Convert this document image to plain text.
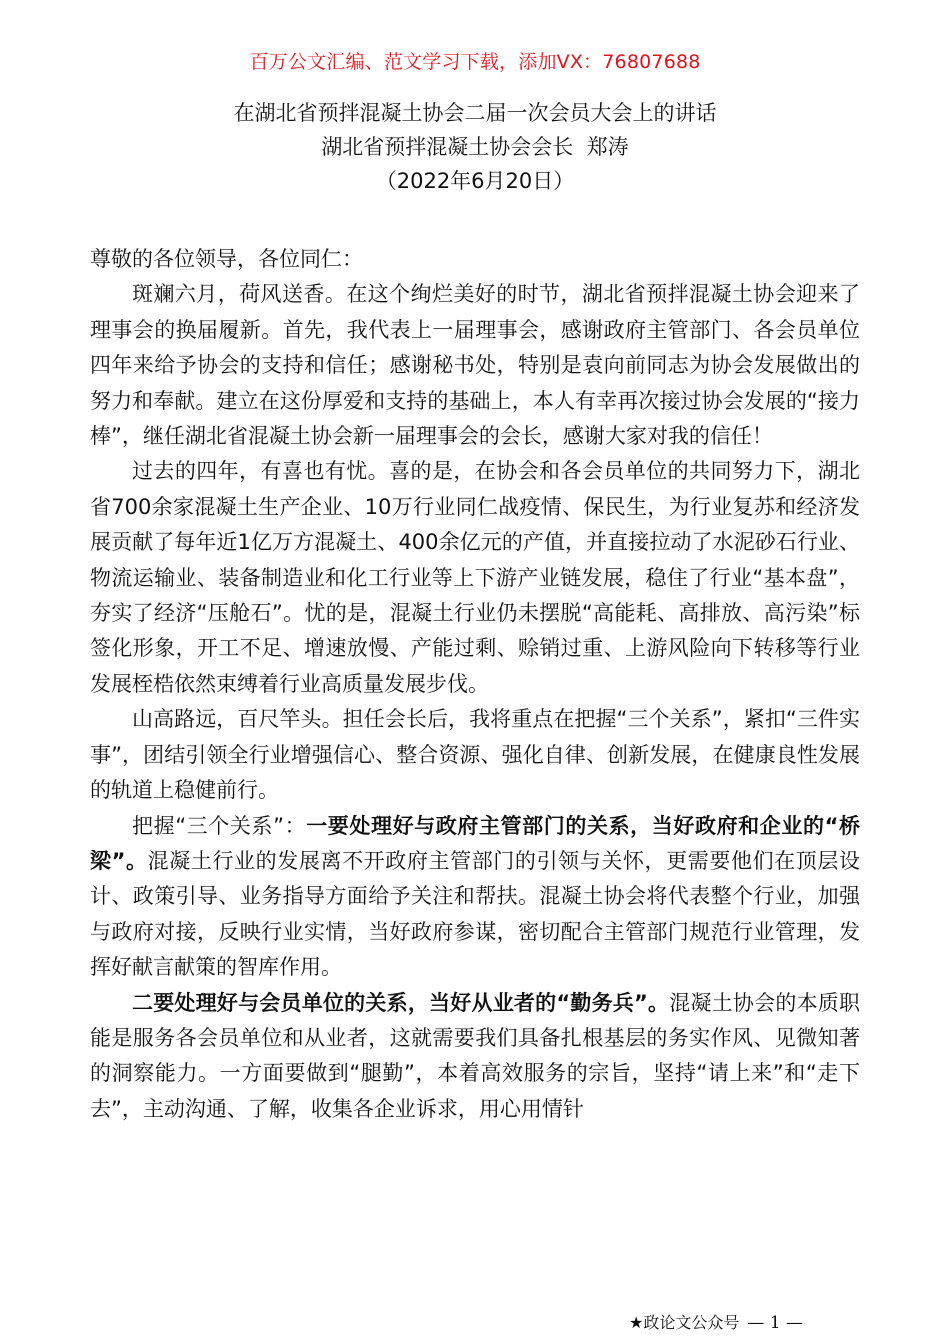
百万公文汇编、范文学习下载，添加VX：76807688
在湖北省预拌混凝土协会二届一次会员大会上的讲话
湖北省预拌混凝土协会会长  郑涛
（2022年6月20日）

尊敬的各位领导，各位同仁：

斑斓六月，荷风送香。在这个绚烂美好的时节，湖北省预拌混凝土协会迎来了理事会的换届履新。首先，我代表上一届理事会，感谢政府主管部门、各会员单位四年来给予协会的支持和信任；感谢秘书处，特别是袁向前同志为协会发展做出的努力和奉献。建立在这份厚爱和支持的基础上，本人有幸再次接过协会发展的“接力棒”，继任湖北省混凝土协会新一届理事会的会长，感谢大家对我的信任！

过去的四年，有喜也有忧。喜的是，在协会和各会员单位的共同努力下，湖北省700余家混凝土生产企业、10万行业同仁战疫情、保民生，为行业复苏和经济发展贡献了每年近1亿万方混凝土、400余亿元的产值，并直接拉动了水泥砂石行业、物流运输业、装备制造业和化工行业等上下游产业链发展，稳住了行业“基本盘”，夯实了经济“压舱石”。忧的是，混凝土行业仍未摆脱“高能耗、高排放、高污染”标签化形象，开工不足、增速放慢、产能过剩、赊销过重、上游风险向下转移等行业发展桎梏依然束缚着行业高质量发展步伐。

山高路远，百尺竿头。担任会长后，我将重点在把握“三个关系”，紧扣“三件实事”，团结引领全行业增强信心、整合资源、强化自律、创新发展，在健康良性发展的轨道上稳健前行。

把握“三个关系”：一要处理好与政府主管部门的关系，当好政府和企业的“桥梁”。混凝土行业的发展离不开政府主管部门的引领与关怀，更需要他们在顶层设计、政策引导、业务指导方面给予关注和帮扶。混凝土协会将代表整个行业，加强与政府对接，反映行业实情，当好政府参谋，密切配合主管部门规范行业管理，发挥好献言献策的智库作用。

二要处理好与会员单位的关系，当好从业者的“勤务兵”。混凝土协会的本质职能是服务各会员单位和从业者，这就需要我们具备扎根基层的务实作风、见微知著的洞察能力。一方面要做到“腿勤”，本着高效服务的宗旨，坚持“请上来”和“走下去”，主动沟通、了解，收集各企业诉求，用心用情针

★政论文公众号 — 1 —
